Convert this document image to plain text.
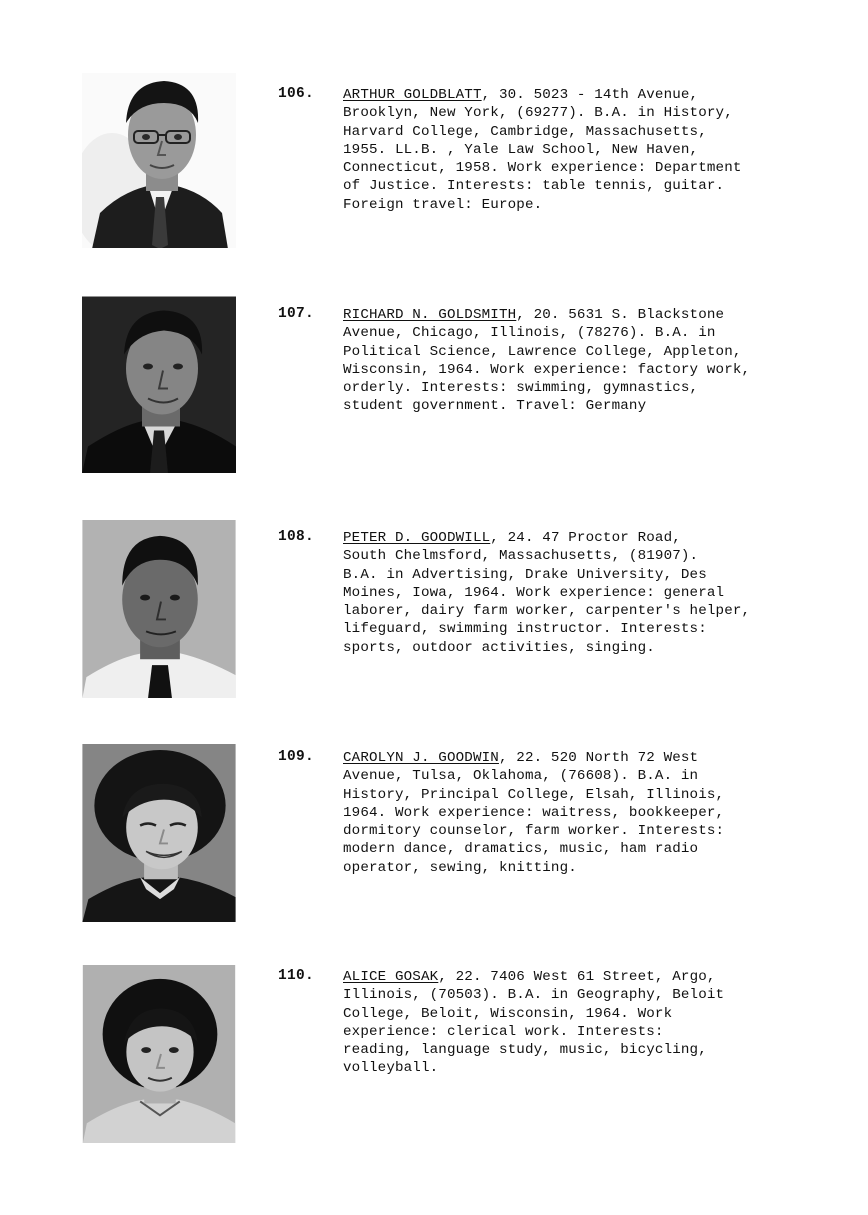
106. ARTHUR GOLDBLATT, 30. 5023 - 14th Avenue,
Brooklyn, New York, (69277). B.A. in History,
Harvard College, Cambridge, Massachusetts,
1955. LL.B. , Yale Law School, New Haven,
Connecticut, 1958. Work experience: Department
of Justice. Interests: table tennis, guitar.
Foreign travel: Europe.
107. RICHARD N. GOLDSMITH, 20. 5631 S. Blackstone
Avenue, Chicago, Illinois, (78276). B.A. in
Political Science, Lawrence College, Appleton,
Wisconsin, 1964. Work experience: factory work,
orderly. Interests: swimming, gymnastics,
student government. Travel: Germany
108. PETER D. GOODWILL, 24. 47 Proctor Road,
South Chelmsford, Massachusetts, (81907).
B.A. in Advertising, Drake University, Des
Moines, Iowa, 1964. Work experience: general
laborer, dairy farm worker, carpenter's helper,
lifeguard, swimming instructor. Interests:
sports, outdoor activities, singing.
109. CAROLYN J. GOODWIN, 22. 520 North 72 West
Avenue, Tulsa, Oklahoma, (76608). B.A. in
History, Principal College, Elsah, Illinois,
1964. Work experience: waitress, bookkeeper,
dormitory counselor, farm worker. Interests:
modern dance, dramatics, music, ham radio
operator, sewing, knitting.
110. ALICE GOSAK, 22. 7406 West 61 Street, Argo,
Illinois, (70503). B.A. in Geography, Beloit
College, Beloit, Wisconsin, 1964. Work
experience: clerical work. Interests:
reading, language study, music, bicycling,
volleyball.
